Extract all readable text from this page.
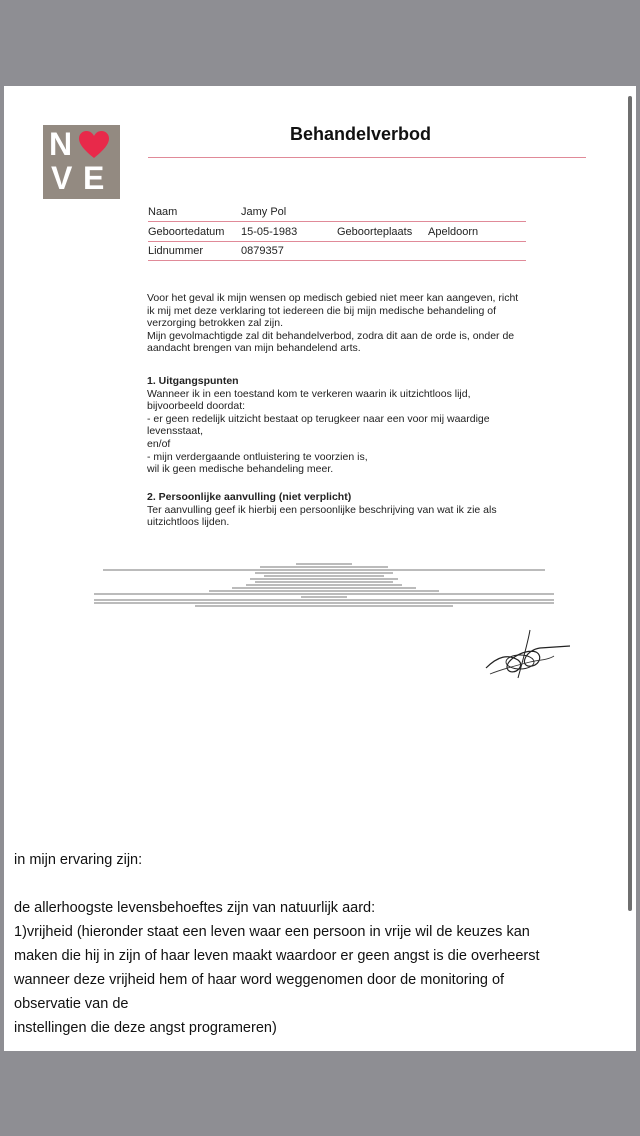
N
V E
Behandelverbod
Naam	Jamy Pol
Geboortedatum 15-05-1983	Geboorteplaats Apeldoorn
Lidnummer	0879357
Voor het geval ik mijn wensen op medisch gebied niet meer kan aangeven, richt
ik mij met deze verklaring tot iedereen die bij mijn medische behandeling of
verzorging betrokken zal zijn.
Mijn gevolmachtigde zal dit behandelverbod, zodra dit aan de orde is, onder de
aandacht brengen van mijn behandelend arts.
1. Uitgangspunten
Wanneer ik in een toestand kom te verkeren waarin ik uitzichtloos lijd,
bijvoorbeeld doordat:
- er geen redelijk uitzicht bestaat op terugkeer naar een voor mij waardige
levensstaat,
en/of
- mijn verdergaande ontluistering te voorzien is,
wil ik geen medische behandeling meer.
2. Persoonlijke aanvulling (niet verplicht)
Ter aanvulling geef ik hierbij een persoonlijke beschrijving van wat ik zie als
uitzichtloos lijden.
in mijn ervaring zijn:

de allerhoogste levensbehoeftes zijn van natuurlijk aard:
1)vrijheid (hieronder staat een leven waar een persoon in vrije wil de keuzes kan
maken die hij in zijn of haar leven maakt waardoor er geen angst is die overheerst
wanneer deze vrijheid hem of haar word weggenomen door de monitoring of
observatie van de
instellingen die deze angst programeren)
